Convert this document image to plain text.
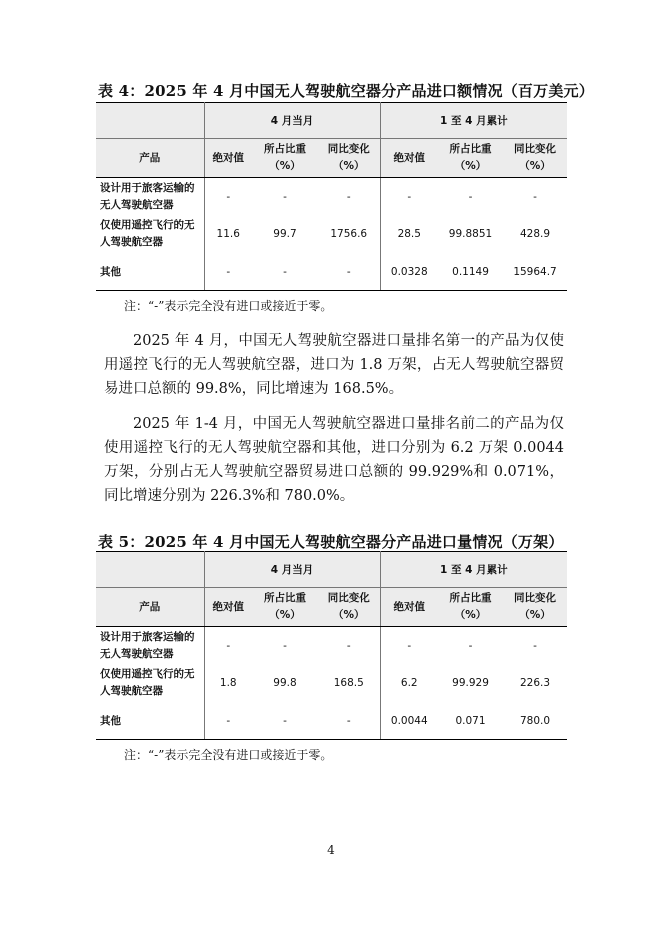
表 4：2025 年 4 月中国无人驾驶航空器分产品进口额情况（百万美元）
	4 月当月			1 至 4 月累计		
产品	绝对值	所占比重（%）	同比变化（%）	绝对值	所占比重（%）	同比变化（%）
设计用于旅客运输的无人驾驶航空器	-	-	-	-	-	-
仅使用遥控飞行的无人驾驶航空器	11.6	99.7	1756.6	28.5	99.8851	428.9
其他	-	-	-	0.0328	0.1149	15964.7
注：“-”表示完全没有进口或接近于零。

2025 年 4 月，中国无人驾驶航空器进口量排名第一的产品为仅使用遥控飞行的无人驾驶航空器，进口为 1.8 万架，占无人驾驶航空器贸易进口总额的 99.8%，同比增速为 168.5%。

2025 年 1-4 月，中国无人驾驶航空器进口量排名前二的产品为仅使用遥控飞行的无人驾驶航空器和其他，进口分别为 6.2 万架 0.0044 万架，分别占无人驾驶航空器贸易进口总额的 99.929%和 0.071%，同比增速分别为 226.3%和 780.0%。

表 5：2025 年 4 月中国无人驾驶航空器分产品进口量情况（万架）
	4 月当月			1 至 4 月累计		
产品	绝对值	所占比重（%）	同比变化（%）	绝对值	所占比重（%）	同比变化（%）
设计用于旅客运输的无人驾驶航空器	-	-	-	-	-	-
仅使用遥控飞行的无人驾驶航空器	1.8	99.8	168.5	6.2	99.929	226.3
其他	-	-	-	0.0044	0.071	780.0
注：“-”表示完全没有进口或接近于零。
4
